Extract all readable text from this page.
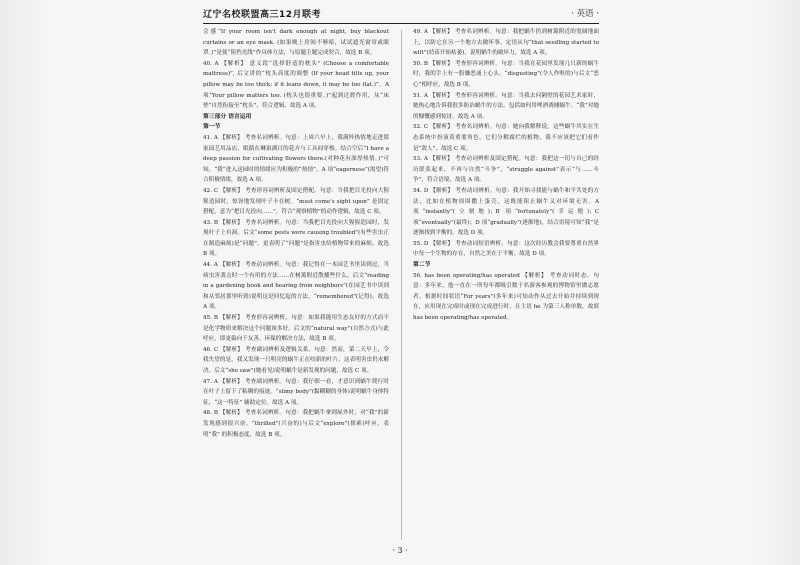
辽宁名校联盟高三12月联考	· 英语 ·

会感“If your room isn't dark enough at night, buy blackout curtains or an eye mask. (如果晚上房间不够暗，试试遮光窗帘或眼罩。)”是使“阻挡光线”作具体方法，与原题主题完成契合，故选 B 项。

40. A 【解析】 意义段“选择舒适的枕头” (Choose a comfortable mattress)”, 后文讲的“枕头高度的调整 (If your head tilts up, your pillow may be too thick; if it leans down, it may be too flat.)”。A 项“Your pillow matters too. (枕头也很重要。)”起到过渡作用，从“床垫”自然衔接至“枕头”，符合逻辑，故选 A 项。

第三部分 语言运用

第一节

41. A 【解析】 考查名词辨析。句意：上周六早上，我满怀热情地走进那家园艺用品店，眼睛在琳琅满目的花卉与工具间穿梭。结合空后“I have a deep passion for cultivating flowers there.(对种花有深厚热情。)”可知，“我”进入这园时的情绪应为积极的“热情”。A 项“eagerness”(渴望)符合积极情绪，故选 A 项。

42. C 【解析】 考查形容词辨析及固定搭配。句意：当我把目光投向大猩猩造园时，惊讶地发现叶子卡在树。“must come's sight upon” 是固定搭配，意为“把目光投向……”，符合“观察植物”的动作逻辑，故选 C 项。

43. B 【解析】 考查名词辨析。句意：当我把目光投向大猩猩造园时，发现叶子上有洞。后文“some pests were causing troubled”(有些害虫正在制造麻烦)是“问题”，更表明了“问题”是指害虫给植物带来的麻烦。故选 B 项。

44. A 【解析】 考查动词辨析。句意：我记得在一本园艺书里读到过，当病虫害袭击时一个有用的方法……在树篱附近散播些什么。后文“reading in a gardening book and hearing from neighbors”(在园艺书中读到和从邻居那里听到)说明这是回忆起的方法，“remembered”(记得)，故选 A 项。

45. B 【解析】 考查形容词辨析。句意：如果我能用生态友好的方式而不是化学物质来解决这个问题该多好。后文的“natural way”(自然方式)与此呼应，即更偏向于友善、环保的解决方法，故选 B 项。

46. C 【解析】 考查副词辨析及逻辑关系。句意：然而，第二天早上，令我失望的是，我又发现一只明亮的蜗牛正在咬新的叶片，这表明害虫仍未解决。后文“she saw”(她看见)说明蜗牛是新发现的问题，故选 C 项。

47. A 【解析】 考查副词辨析。句意：我仔细一看，才意识到蜗牛爬行时在叶子上留下了粘稠的痕迹。“slimy body”(黏糊糊的身体)说明蜗牛身体特征，“这一特征” 辅助定位。故选 A 项。

48. B 【解析】 考查名词辨析。句意：我把蜗牛拿到屋外时，对“我”的新发现感到很兴奋。“thrilled”(兴奋的)与后文“explore”(探索)呼应，表明“我” 的积极态度，故选 B 项。

49. A 【解析】 考查名词辨析。句意：我把蜗牛扔到树篱附近的宽阔地面上，以防它在另一个地方去做坏事。定语从句“that seedling started to wilt”(幼苗开始枯萎)，说明蜗牛的破坏力，故选 A 项。

50. B 【解析】 考查形容词辨析。句意：当我在花园里发现几只新的蜗牛时，我的手上有一股嫌恶涌上心头。“disgusting”(令人作呕的)与后文“恶心”相呼应，故选 B 项。

51. A 【解析】 考查形容词辨析。句意：当我去问隔壁的花园艺术家时，她热心地告诉我很多防治蜗牛的方法，包括如何用啤酒诱捕蜗牛。“我”对她的慷慨感到惊讶，故选 A 项。

52. C 【解析】 考查名词辨析。句意：她向我解释说，这些蜗牛其实在生态系统中扮演着重要角色，它们分解腐烂的植物，我不应该把它们看作是“敌人”，故选 C 项。

53. A 【解析】 考查动词辨析及固定搭配。句意：我把这一切与自己的经历联系起来，不再与自然“斗争”，“struggle against”表示“与……斗争”，符合语境，故选 A 项。

54. D 【解析】 考查动词辨析。句意：我开始寻找能与蜗牛和平共处的方法，比如在植物周围撒上蛋壳，这既能阻止蜗牛又对环境无害。A 项“instantly”(立刻地)；B 项“fortunately”(幸运地)；C 项“eventually”(最终)；D 项“gradually”(逐渐地)，结合语境可知“我”是逐渐找到平衡的，故选 D 项。

55. D 【解析】 考查动词短语辨析。句意：这次经历教会我要尊重自然界中每一个生物的存在，自然之美在于平衡。故选 D 项。

第二节

56. has been operating/has operated 【解析】 考查动词时态。句意：多年来，他一直在一所每年都吸引数千名游客参观的博物馆里做志愿者。根据时间状语“For years”(多年来)可知动作从过去开始并持续到现在，应用现在完成时或现在完成进行时，且主语 he 为第三人称单数，故填 has been operating/has operated。

· 3 ·
